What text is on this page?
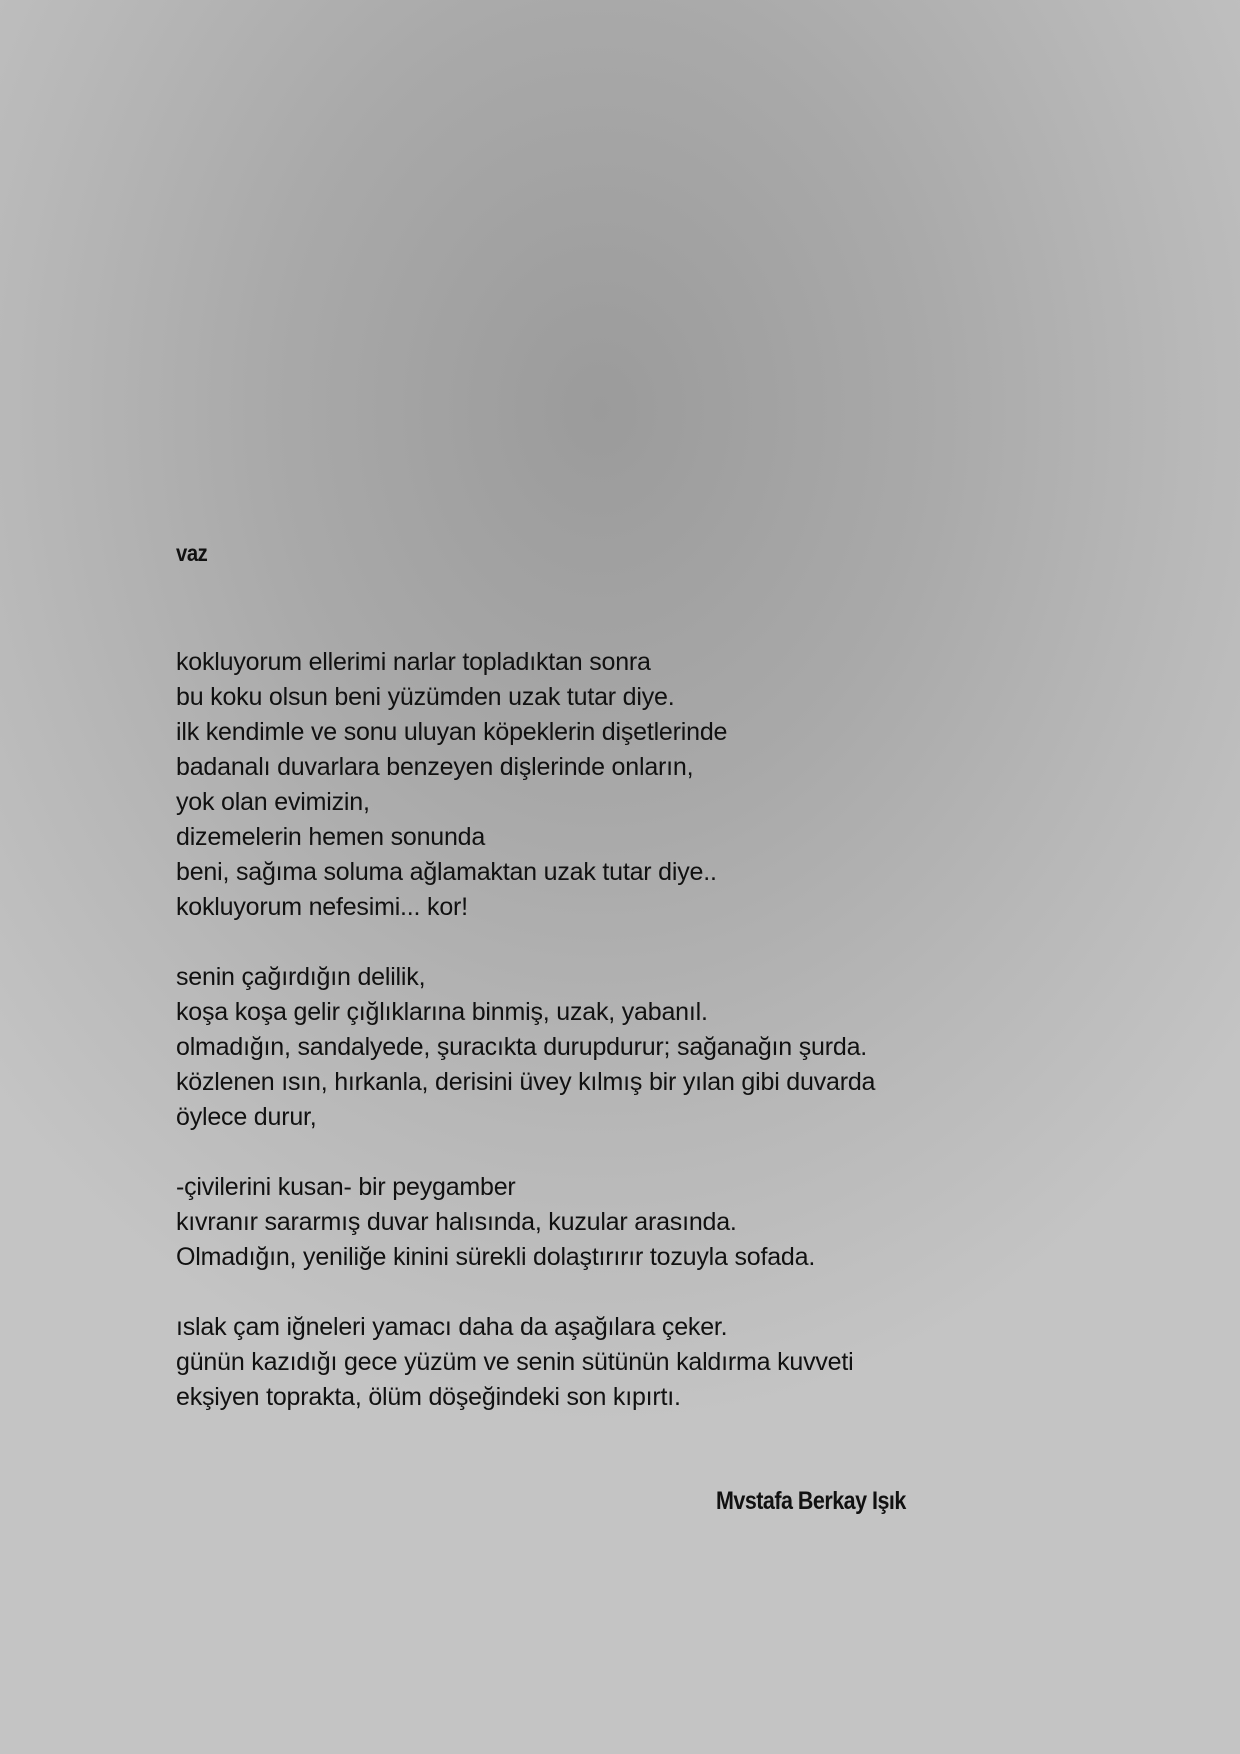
vaz
kokluyorum ellerimi narlar topladıktan sonra
bu koku olsun beni yüzümden uzak tutar diye.
ilk kendimle ve sonu uluyan köpeklerin dişetlerinde
badanalı duvarlara benzeyen dişlerinde onların,
yok olan evimizin,
dizemelerin hemen sonunda
beni, sağıma soluma ağlamaktan uzak tutar diye..
kokluyorum nefesimi... kor!
senin çağırdığın delilik,
koşa koşa gelir çığlıklarına binmiş, uzak, yabanıl.
olmadığın, sandalyede, şuracıkta durupdurur; sağanağın şurda.
közlenen ısın, hırkanla, derisini üvey kılmış bir yılan gibi duvarda
öylece durur,
-çivilerini kusan- bir peygamber
kıvranır sararmış duvar halısında, kuzular arasında.
Olmadığın, yeniliğe kinini sürekli dolaştırırır tozuyla sofada.
ıslak çam iğneleri yamacı daha da aşağılara çeker.
günün kazıdığı gece yüzüm ve senin sütünün kaldırma kuvveti
ekşiyen toprakta, ölüm döşeğindeki son kıpırtı.
Mvstafa Berkay Işık
